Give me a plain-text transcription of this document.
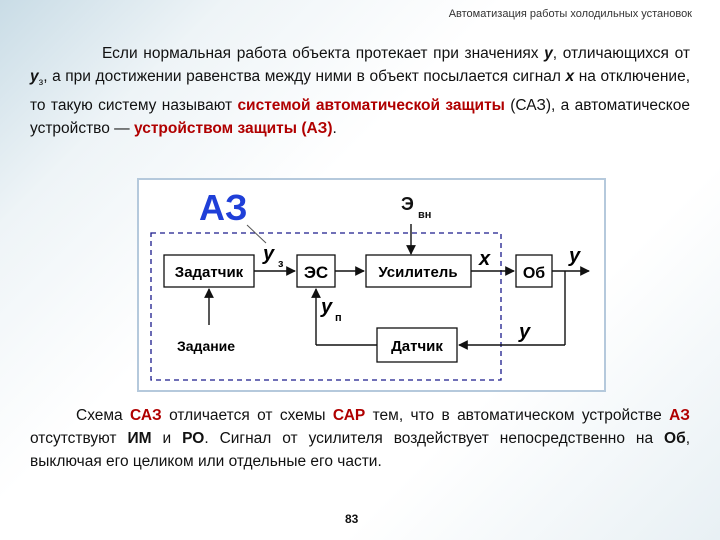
Автоматизация работы холодильных установок
Если нормальная работа объекта протекает при значениях у, отличающихся от $у_з$, а при достижении равенства между ними в объект посылается сигнал х на отключение, то такую систему называют системой автоматической защиты (САЗ), а автоматическое устройство — устройством защиты (АЗ).
АЗ	Э
вн
Задатчик	ЭС	Усилитель	Об
Датчик
Задание
у з	х	у
у п
у
Схема САЗ отличается от схемы САР тем, что в автоматическом устройстве АЗ отсутствуют ИМ и РО. Сигнал от усилителя воздействует непосредственно на Об, выключая его целиком или отдельные его части.
83
